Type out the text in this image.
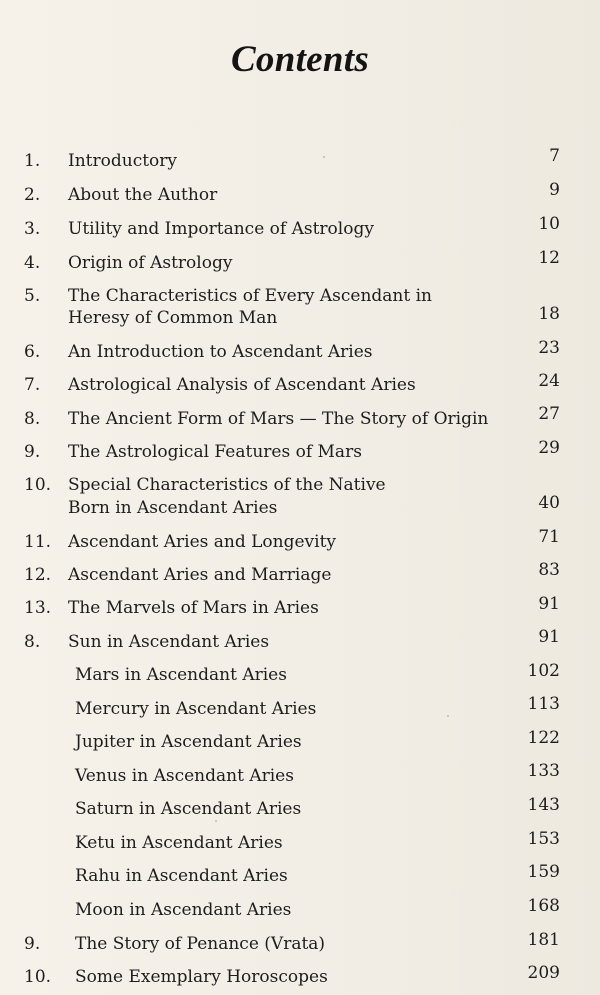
Contents
1.	Introductory	7
2.	About the Author	9
3.	Utility and Importance of Astrology	10
4.	Origin of Astrology	12
5.	The Characteristics of Every Ascendant in
Heresy of Common Man	18
6.	An Introduction to Ascendant Aries	23
7.	Astrological Analysis of Ascendant Aries	24
8.	The Ancient Form of Mars — The Story of Origin	27
9.	The Astrological Features of Mars	29
10. Special Characteristics of the Native
Born in Ascendant Aries	40
11. Ascendant Aries and Longevity	71
12. Ascendant Aries and Marriage	83
13. The Marvels of Mars in Aries	91
8.	Sun in Ascendant Aries	91
Mars in Ascendant Aries	102
Mercury in Ascendant Aries	113
Jupiter in Ascendant Aries	122
Venus in Ascendant Aries	133
Saturn in Ascendant Aries	143
Ketu in Ascendant Aries	153
Rahu in Ascendant Aries	159
Moon in Ascendant Aries	168
9.	The Story of Penance (Vrata)	181
10.	Some Exemplary Horoscopes	209
